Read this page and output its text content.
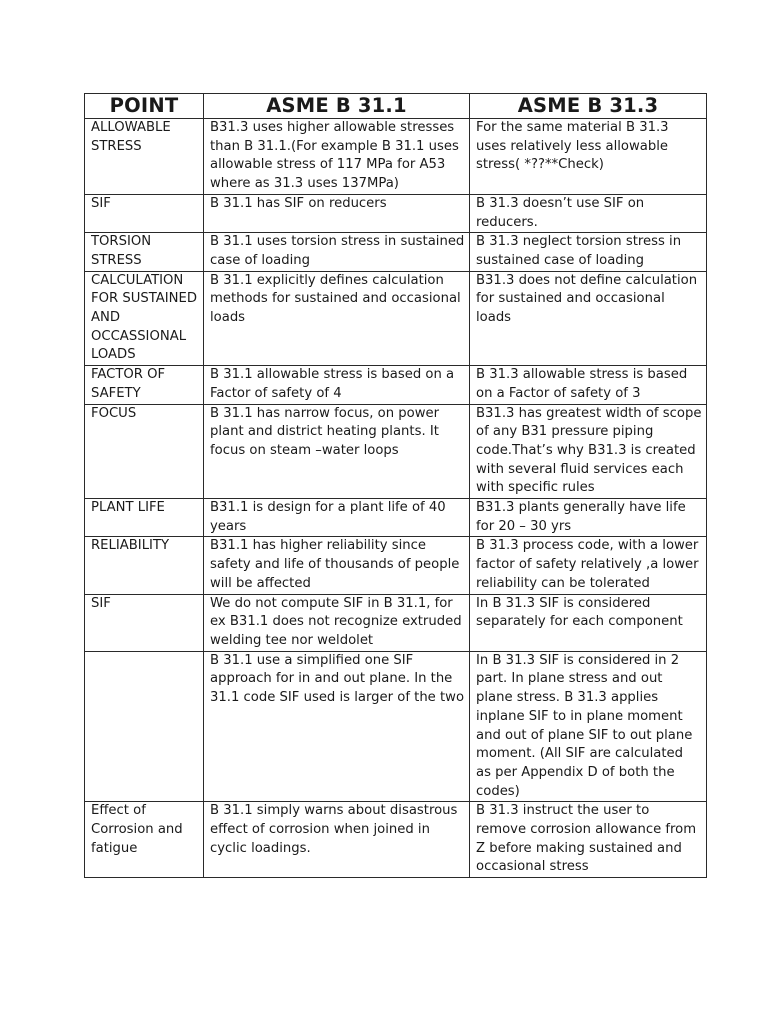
POINT	ASME B 31.1	ASME B 31.3
ALLOWABLE STRESS	B31.3 uses higher allowable stresses than B 31.1.(For example B 31.1 uses allowable stress of 117 MPa for A53 where as 31.3 uses 137MPa)	For the same material B 31.3 uses relatively less allowable stress( *??**Check)
SIF	B 31.1 has SIF on reducers	B 31.3 doesn’t use SIF on reducers.
TORSION STRESS	B 31.1 uses torsion stress in sustained case of loading	B 31.3 neglect torsion stress in sustained case of loading
CALCULATION FOR SUSTAINED AND OCCASSIONAL LOADS	B 31.1 explicitly defines calculation methods for sustained and occasional loads	B31.3 does not define calculation for sustained and occasional loads
FACTOR OF SAFETY	B 31.1 allowable stress is based on a Factor of safety of 4	B 31.3 allowable stress is based on a Factor of safety of 3
FOCUS	B 31.1 has narrow focus, on power plant and district heating plants. It focus on steam –water loops	B31.3 has greatest width of scope of any B31 pressure piping code.That’s why B31.3 is created with several fluid services each with specific rules
PLANT LIFE	B31.1 is design for a plant life of 40 years	B31.3 plants generally have life for 20 – 30 yrs
RELIABILITY	B31.1 has higher reliability since safety and life of thousands of people will be affected	B 31.3 process code, with a lower factor of safety relatively ,a lower reliability can be tolerated
SIF	We do not compute SIF in B 31.1, for ex B31.1 does not recognize extruded welding tee nor weldolet	In B 31.3 SIF is considered separately for each component
	B 31.1 use a simplified one SIF approach for in and out plane. In the 31.1 code SIF used is larger of the two	In B 31.3 SIF is considered in 2 part. In plane stress and out plane stress. B 31.3 applies inplane SIF to in plane moment and out of plane SIF to out plane moment. (All SIF are calculated as per Appendix D of both the codes)
Effect of Corrosion and fatigue	B 31.1 simply warns about disastrous effect of corrosion when joined in cyclic loadings.	B 31.3 instruct the user to remove corrosion allowance from Z before making sustained and occasional stress
